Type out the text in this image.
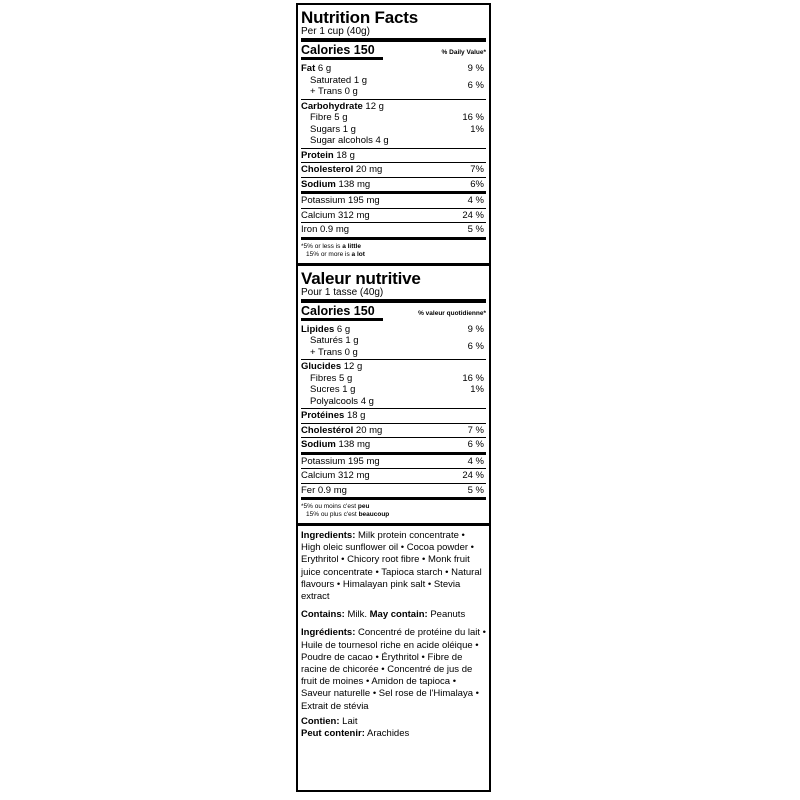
Nutrition Facts
Per 1 cup (40g)
Calories 150	% Daily Value*
Fat 6 g	9 %
Saturated 1 g
+ Trans 0 g
6 %
Carbohydrate 12 g
Fibre 5 g	16 %
Sugars 1 g	1%
Sugar alcohols 4 g
Protein 18 g
Cholesterol 20 mg	7%
Sodium 138 mg	6%
Potassium 195 mg	4 %
Calcium 312 mg	24 %
Iron 0.9 mg	5 %
*5% or less is a little
15% or more is a lot
Valeur nutritive
Pour 1 tasse (40g)
Calories 150	% valeur quotidienne*
Lipides 6 g	9 %
Saturés 1 g
+ Trans 0 g
6 %
Glucides 12 g
Fibres 5 g	16 %
Sucres 1 g	1%
Polyalcools 4 g
Protéines 18 g
Cholestérol 20 mg	7 %
Sodium 138 mg	6 %
Potassium 195 mg	4 %
Calcium 312 mg	24 %
Fer 0.9 mg	5 %
*5% ou moins c'est peu
15% ou plus c'est beaucoup

Ingredients: Milk protein concentrate • High oleic sunflower oil • Cocoa powder • Erythritol • Chicory root fibre • Monk fruit juice concentrate • Tapioca starch • Natural flavours • Himalayan pink salt • Stevia extract

Contains: Milk. May contain: Peanuts

Ingrédients: Concentré de protéine du lait • Huile de tournesol riche en acide oléique • Poudre de cacao • Érythritol • Fibre de racine de chicorée • Concentré de jus de fruit de moines • Amidon de tapioca • Saveur naturelle • Sel rose de l'Himalaya • Extrait de stévia

Contien: Lait

Peut contenir: Arachides
